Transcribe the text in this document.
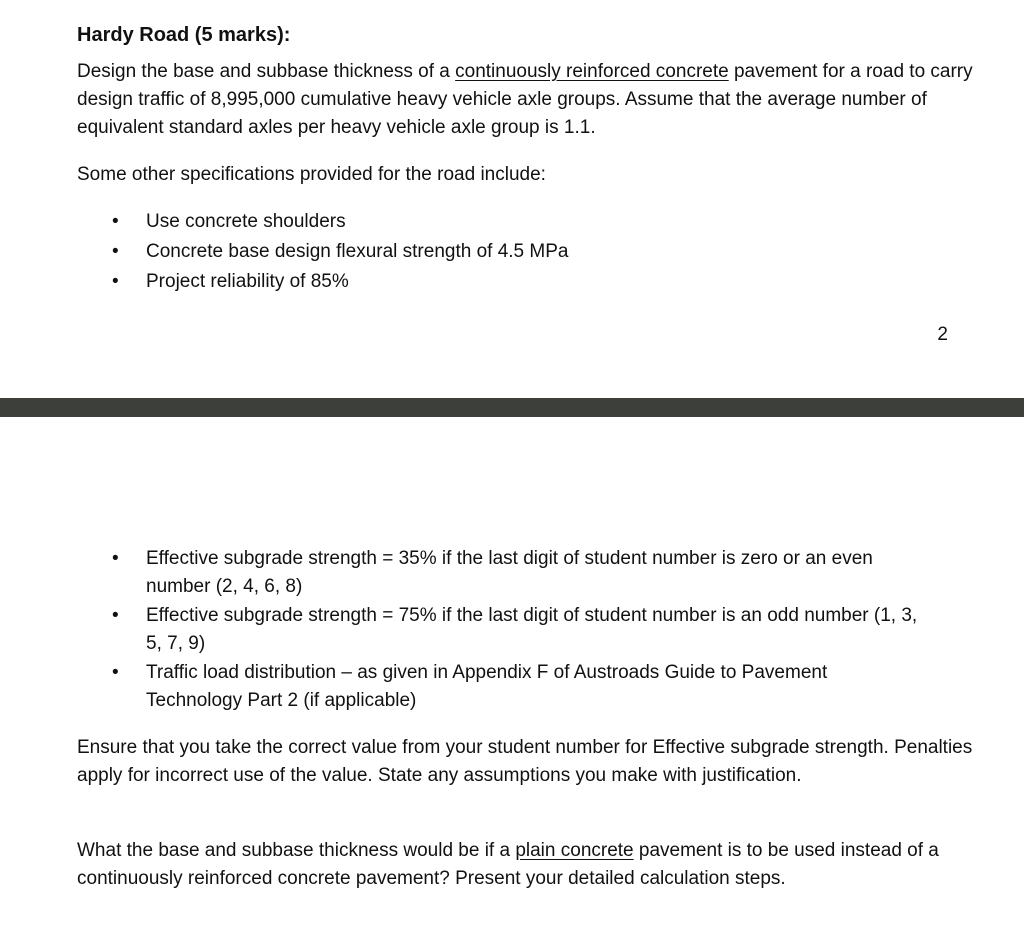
Hardy Road (5 marks):

Design the base and subbase thickness of a continuously reinforced concrete pavement for a road to carry design traffic of 8,995,000 cumulative heavy vehicle axle groups. Assume that the average number of equivalent standard axles per heavy vehicle axle group is 1.1.

Some other specifications provided for the road include:

• Use concrete shoulders
• Concrete base design flexural strength of 4.5 MPa
• Project reliability of 85%
2
• Effective subgrade strength = 35% if the last digit of student number is zero or an even number (2, 4, 6, 8)
• Effective subgrade strength = 75% if the last digit of student number is an odd number (1, 3, 5, 7, 9)
• Traffic load distribution – as given in Appendix F of Austroads Guide to Pavement Technology Part 2 (if applicable)

Ensure that you take the correct value from your student number for Effective subgrade strength. Penalties apply for incorrect use of the value. State any assumptions you make with justification.

What the base and subbase thickness would be if a plain concrete pavement is to be used instead of a continuously reinforced concrete pavement? Present your detailed calculation steps.
